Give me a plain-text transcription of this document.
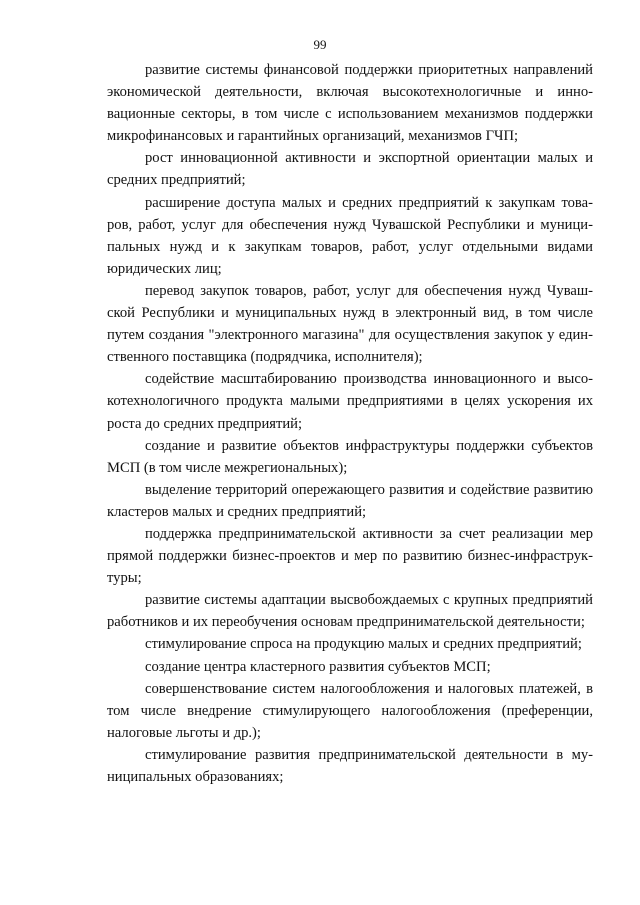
99

развитие системы финансовой поддержки приоритетных направлений экономической деятельности, включая высокотехнологичные и инновационные секторы, в том числе с использованием механизмов поддержки микрофинансовых и гарантийных организаций, механизмов ГЧП;

рост инновационной активности и экспортной ориентации малых и средних предприятий;

расширение доступа малых и средних предприятий к закупкам товаров, работ, услуг для обеспечения нужд Чувашской Республики и муниципальных нужд и к закупкам товаров, работ, услуг отдельными видами юридических лиц;

перевод закупок товаров, работ, услуг для обеспечения нужд Чувашской Республики и муниципальных нужд в электронный вид, в том числе путем создания "электронного магазина" для осуществления закупок у единственного поставщика (подрядчика, исполнителя);

содействие масштабированию производства инновационного и высокотехнологичного продукта малыми предприятиями в целях ускорения их роста до средних предприятий;

создание и развитие объектов инфраструктуры поддержки субъектов МСП (в том числе межрегиональных);

выделение территорий опережающего развития и содействие развитию кластеров малых и средних предприятий;

поддержка предпринимательской активности за счет реализации мер прямой поддержки бизнес-проектов и мер по развитию бизнес-инфраструктуры;

развитие системы адаптации высвобождаемых с крупных предприятий работников и их переобучения основам предпринимательской деятельности;

стимулирование спроса на продукцию малых и средних предприятий;

создание центра кластерного развития субъектов МСП;

совершенствование систем налогообложения и налоговых платежей, в том числе внедрение стимулирующего налогообложения (преференции, налоговые льготы и др.);

стимулирование развития предпринимательской деятельности в муниципальных образованиях;
